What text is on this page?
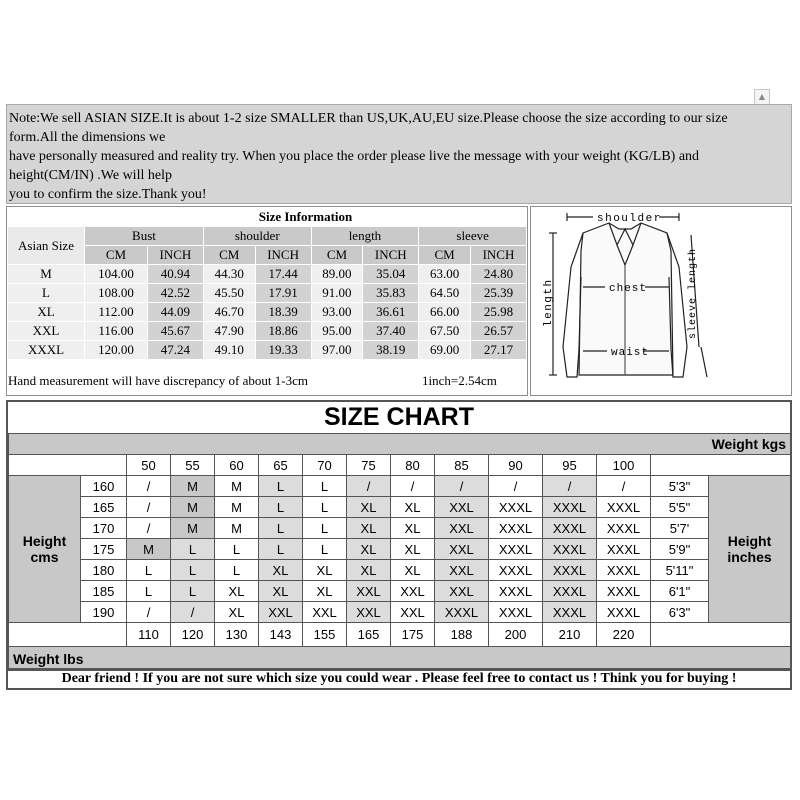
▲
Note:We sell ASIAN SIZE.It is about 1-2 size SMALLER than US,UK,AU,EU size.Please choose the size according to our size
form.All the dimensions we
have personally measured and reality try. When you place the order please live the message with your weight (KG/LB) and
height(CM/IN) .We will help
you to confirm the size.Thank you!
	Size Information							
Asian Size	Bust		shoulder		length		sleeve	
	CM	INCH	CM	INCH	CM	INCH	CM	INCH
M	104.00	40.94	44.30	17.44	89.00	35.04	63.00	24.80
L	108.00	42.52	45.50	17.91	91.00	35.83	64.50	25.39
XL	112.00	44.09	46.70	18.39	93.00	36.61	66.00	25.98
XXL	116.00	45.67	47.90	18.86	95.00	37.40	67.50	26.57
XXXL	120.00	47.24	49.10	19.33	97.00	38.19	69.00	27.17
Hand measurement will have discrepancy of about 1-3cm	1inch=2.54cm
shoulder
chest
waist
length	sleeve length
SIZE CHART
Weight kgs
50	55	60	65	70	75	80	85	90	95	100
Height
cms
Height
inches
160	/	M	M	L	L	/	/	/	/	/	/	5'3"
165	/	M	M	L	L	XL	XL	XXL	XXXL	XXXL	XXXL	5'5"
170	/	M	M	L	L	XL	XL	XXL	XXXL	XXXL	XXXL	5'7'
175	M	L	L	L	L	XL	XL	XXL	XXXL	XXXL	XXXL	5'9"
180	L	L	L	XL	XL	XL	XL	XXL	XXXL	XXXL	XXXL	5'11"
185	L	L	XL	XL	XL	XXL	XXL	XXL	XXXL	XXXL	XXXL	6'1"
190	/	/	XL	XXL	XXL	XXL	XXL	XXXL	XXXL	XXXL	XXXL	6'3"
110	120	130	143	155	165	175	188	200	210	220
Weight lbs
Dear friend ! If you are not sure which size you could wear . Please feel free to contact us ! Think you for buying !
